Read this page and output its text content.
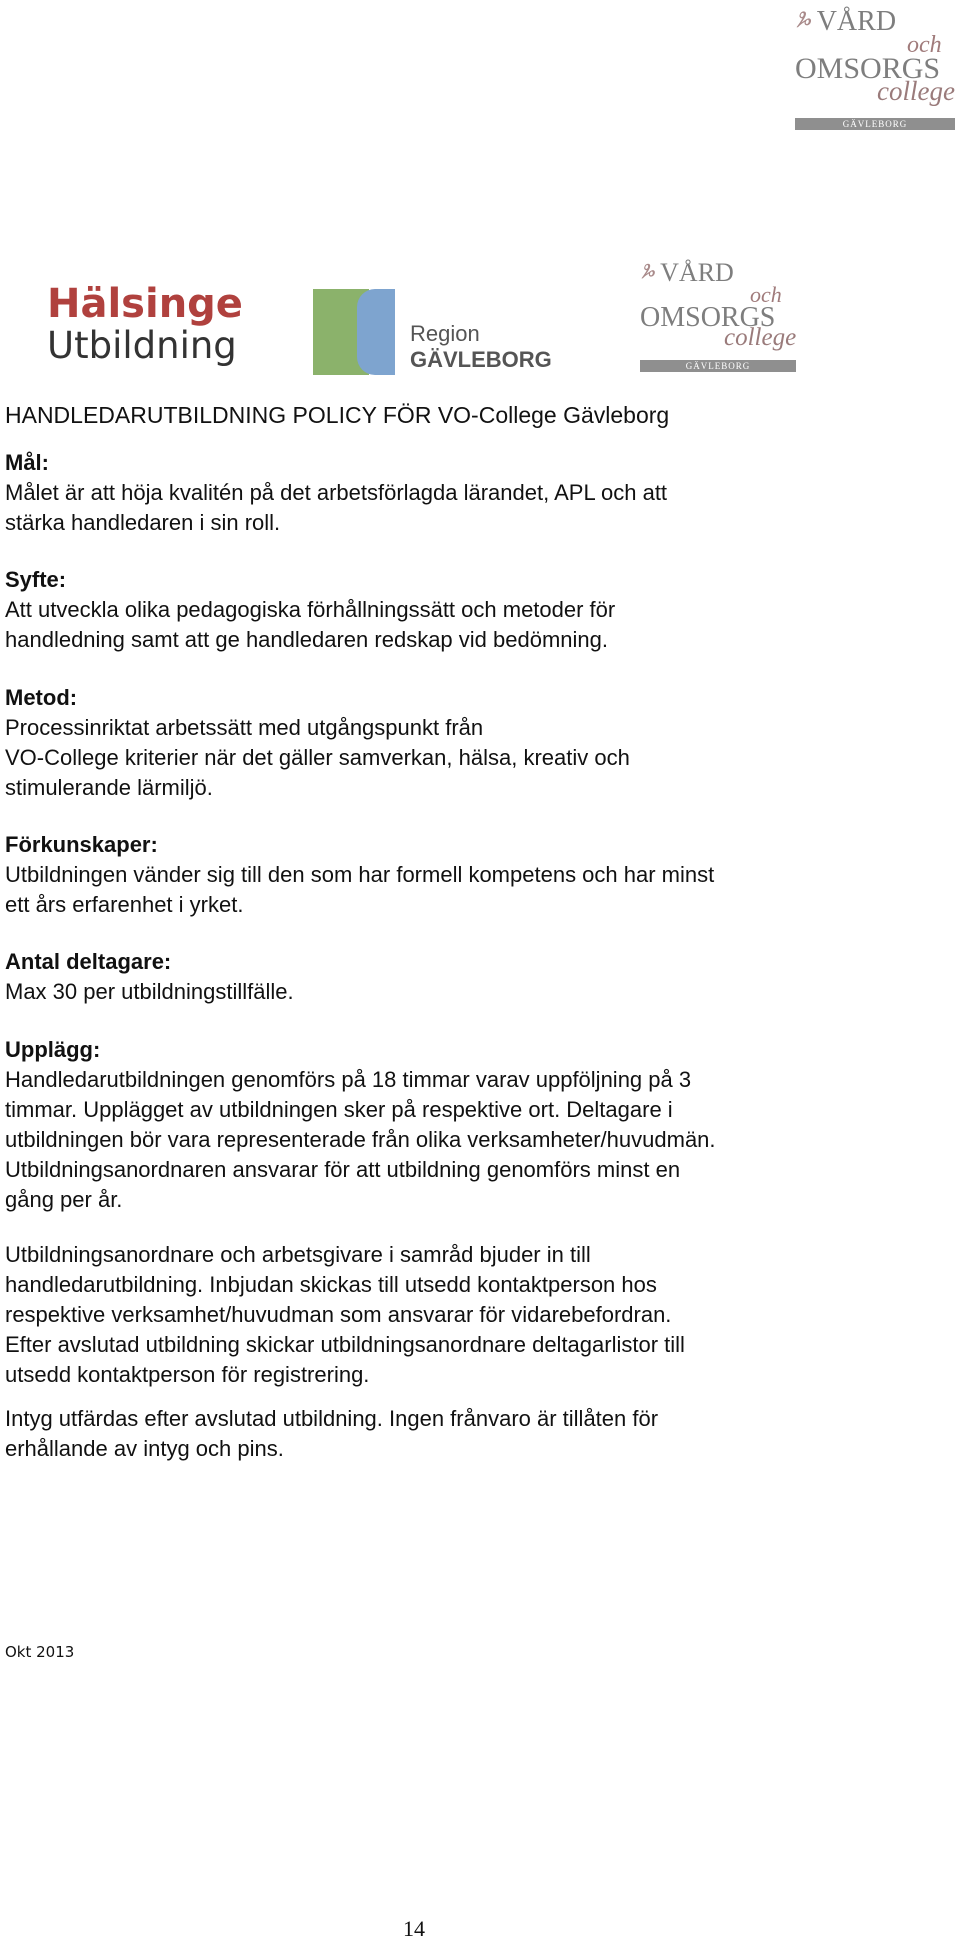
ⰳ VÅRD
och
OMSORGS
college
GÄVLEBORG
Hälsinge
Utbildning	Region
GÄVLEBORG
ⰳ VÅRD
och
OMSORGS
college
GÄVLEBORG
HANDLEDARUTBILDNING POLICY FÖR VO-College Gävleborg
Mål:
Målet är att höja kvalitén på det arbetsförlagda lärandet, APL och att
stärka handledaren i sin roll.
Syfte:
Att utveckla olika pedagogiska förhållningssätt och metoder för
handledning samt att ge handledaren redskap vid bedömning.
Metod:
Processinriktat arbetssätt med utgångspunkt från
VO-College kriterier när det gäller samverkan, hälsa, kreativ och
stimulerande lärmiljö.
Förkunskaper:
Utbildningen vänder sig till den som har formell kompetens och har minst
ett års erfarenhet i yrket.
Antal deltagare:
Max 30 per utbildningstillfälle.
Upplägg:
Handledarutbildningen genomförs på 18 timmar varav uppföljning på 3
timmar. Upplägget av utbildningen sker på respektive ort. Deltagare i
utbildningen bör vara representerade från olika verksamheter/huvudmän.
Utbildningsanordnaren ansvarar för att utbildning genomförs minst en
gång per år.
Utbildningsanordnare och arbetsgivare i samråd bjuder in till
handledarutbildning. Inbjudan skickas till utsedd kontaktperson hos
respektive verksamhet/huvudman som ansvarar för vidarebefordran.
Efter avslutad utbildning skickar utbildningsanordnare deltagarlistor till
utsedd kontaktperson för registrering.
Intyg utfärdas efter avslutad utbildning. Ingen frånvaro är tillåten för
erhållande av intyg och pins.
Okt 2013
14
